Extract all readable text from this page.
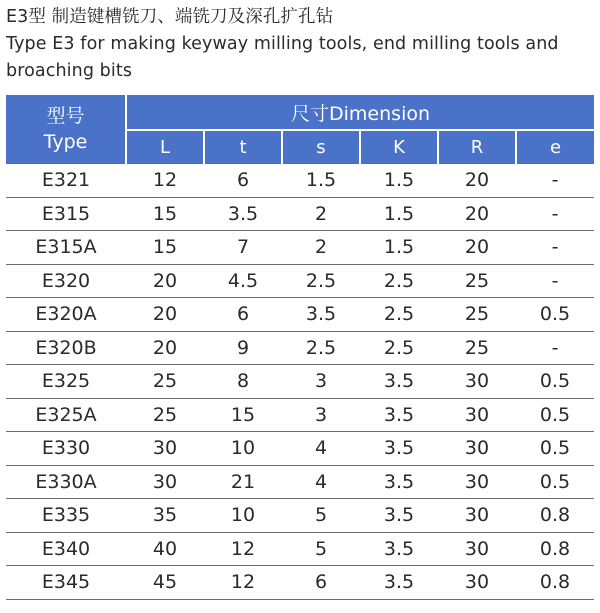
E3型 制造键槽铣刀、端铣刀及深孔扩孔钻
Type E3 for making keyway milling tools, end milling tools and
broaching bits
型号
Type	尺寸Dimension					
	L	t	s	K	R	e
E321	12	6	1.5	1.5	20	-
E315	15	3.5	2	1.5	20	-
E315A	15	7	2	1.5	20	-
E320	20	4.5	2.5	2.5	25	-
E320A	20	6	3.5	2.5	25	0.5
E320B	20	9	2.5	2.5	25	-
E325	25	8	3	3.5	30	0.5
E325A	25	15	3	3.5	30	0.5
E330	30	10	4	3.5	30	0.5
E330A	30	21	4	3.5	30	0.5
E335	35	10	5	3.5	30	0.8
E340	40	12	5	3.5	30	0.8
E345	45	12	6	3.5	30	0.8
